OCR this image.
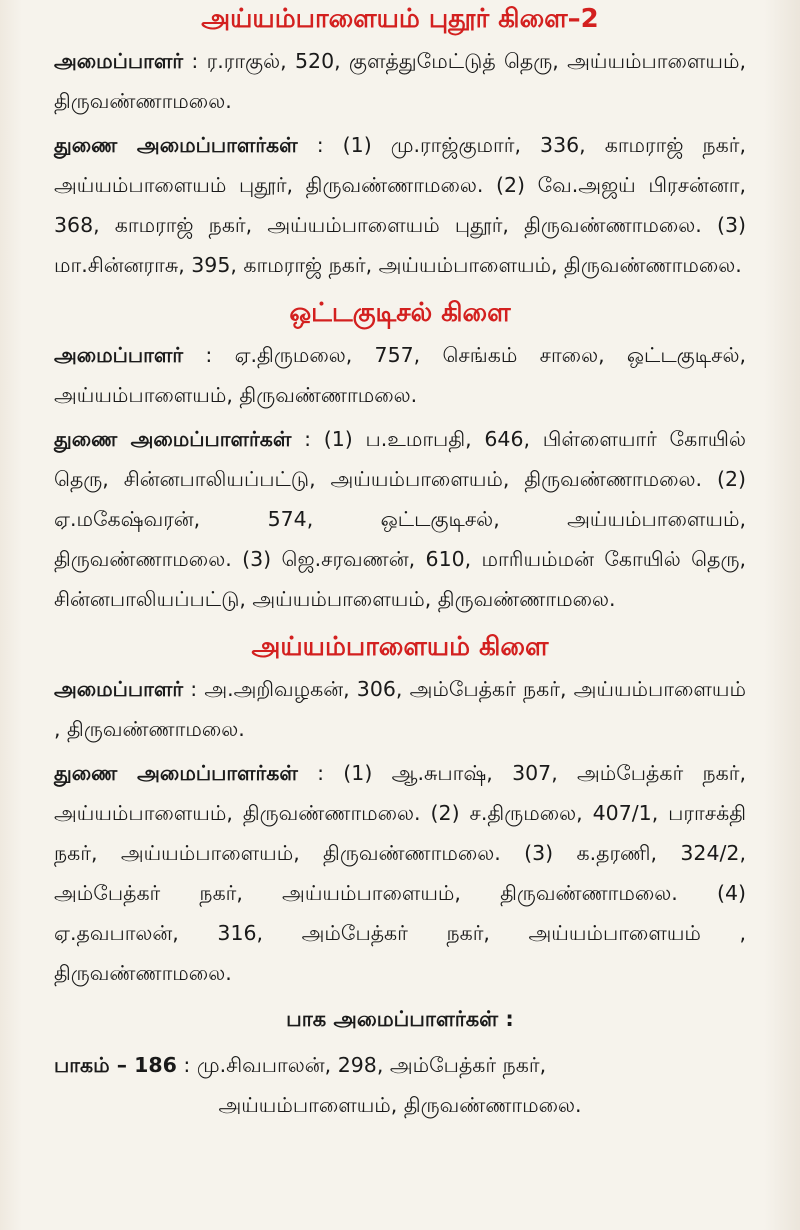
அய்யம்பாளையம் புதூர் கிளை–2

அமைப்பாளர் : ர.ராகுல், 520, குளத்துமேட்டுத் தெரு, அய்யம்பாளையம், திருவண்ணாமலை.

துணை அமைப்பாளர்கள் : (1) மு.ராஜ்குமார், 336, காமராஜ் நகர், அய்யம்பாளையம் புதூர், திருவண்ணாமலை. (2) வே.அஜய் பிரசன்னா, 368, காமராஜ் நகர், அய்யம்பாளையம் புதூர், திருவண்ணாமலை. (3) மா.சின்னராசு, 395, காமராஜ் நகர், அய்யம்பாளையம், திருவண்ணாமலை.

ஒட்டகுடிசல் கிளை

அமைப்பாளர் : ஏ.திருமலை, 757, செங்கம் சாலை, ஒட்டகுடிசல், அய்யம்பாளையம், திருவண்ணாமலை.

துணை அமைப்பாளர்கள் : (1) ப.உமாபதி, 646, பிள்ளையார் கோயில் தெரு, சின்னபாலியப்பட்டு, அய்யம்பாளையம், திருவண்ணாமலை. (2) ஏ.மகேஷ்வரன், 574, ஒட்டகுடிசல், அய்யம்பாளையம், திருவண்ணாமலை. (3) ஜெ.சரவணன், 610, மாரியம்மன் கோயில் தெரு, சின்னபாலியப்பட்டு, அய்யம்பாளையம், திருவண்ணாமலை.

அய்யம்பாளையம் கிளை

அமைப்பாளர் : அ.அறிவழகன், 306, அம்பேத்கர் நகர், அய்யம்பாளையம் , திருவண்ணாமலை.

துணை அமைப்பாளர்கள் : (1) ஆ.சுபாஷ், 307, அம்பேத்கர் நகர், அய்யம்பாளையம், திருவண்ணாமலை. (2) ச.திருமலை, 407/1, பராசக்தி நகர், அய்யம்பாளையம், திருவண்ணாமலை. (3) க.தரணி, 324/2, அம்பேத்கர் நகர், அய்யம்பாளையம், திருவண்ணாமலை. (4) ஏ.தவபாலன், 316, அம்பேத்கர் நகர், அய்யம்பாளையம் , திருவண்ணாமலை.

பாக அமைப்பாளர்கள் :

பாகம் – 186 : மு.சிவபாலன், 298, அம்பேத்கர் நகர்,

அய்யம்பாளையம், திருவண்ணாமலை.
